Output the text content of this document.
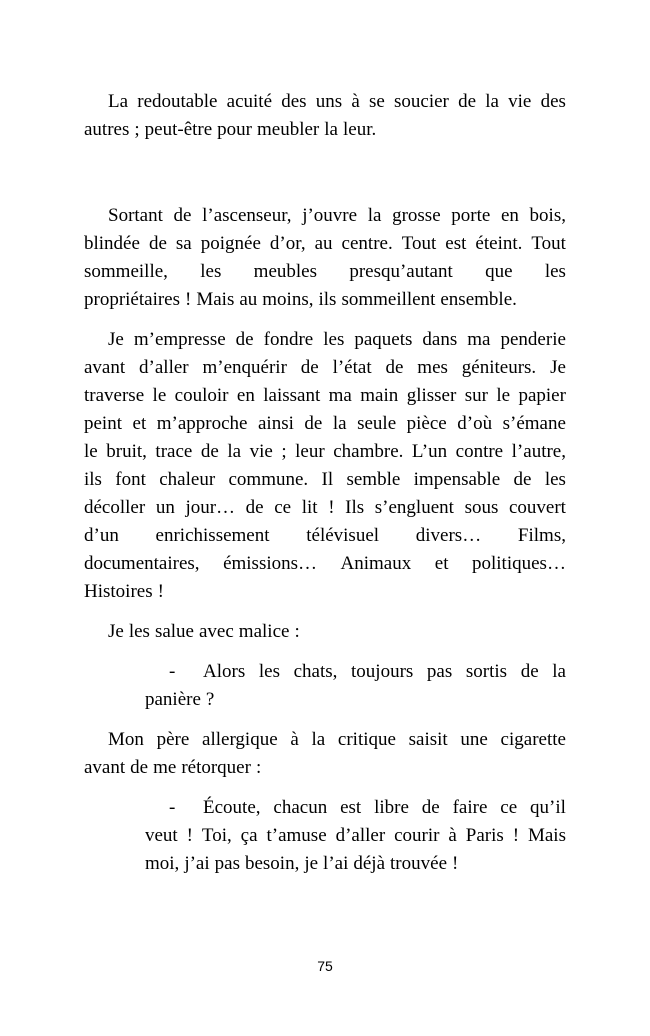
La redoutable acuité des uns à se soucier de la vie des
autres ; peut-être pour meubler la leur.
Sortant de l’ascenseur, j’ouvre la grosse porte en bois,
blindée de sa poignée d’or, au centre. Tout est éteint. Tout
sommeille, les meubles presqu’autant que les
propriétaires ! Mais au moins, ils sommeillent ensemble.
Je m’empresse de fondre les paquets dans ma penderie
avant d’aller m’enquérir de l’état de mes géniteurs. Je
traverse le couloir en laissant ma main glisser sur le papier
peint et m’approche ainsi de la seule pièce d’où s’émane
le bruit, trace de la vie ; leur chambre. L’un contre l’autre,
ils font chaleur commune. Il semble impensable de les
décoller un jour… de ce lit ! Ils s’engluent sous couvert
d’un enrichissement télévisuel divers… Films,
documentaires, émissions… Animaux et politiques…
Histoires !
Je les salue avec malice :
-	Alors les chats, toujours pas sortis de la
panière ?
Mon père allergique à la critique saisit une cigarette
avant de me rétorquer :
-	Écoute, chacun est libre de faire ce qu’il
veut ! Toi, ça t’amuse d’aller courir à Paris ! Mais
moi, j’ai pas besoin, je l’ai déjà trouvée !
75
